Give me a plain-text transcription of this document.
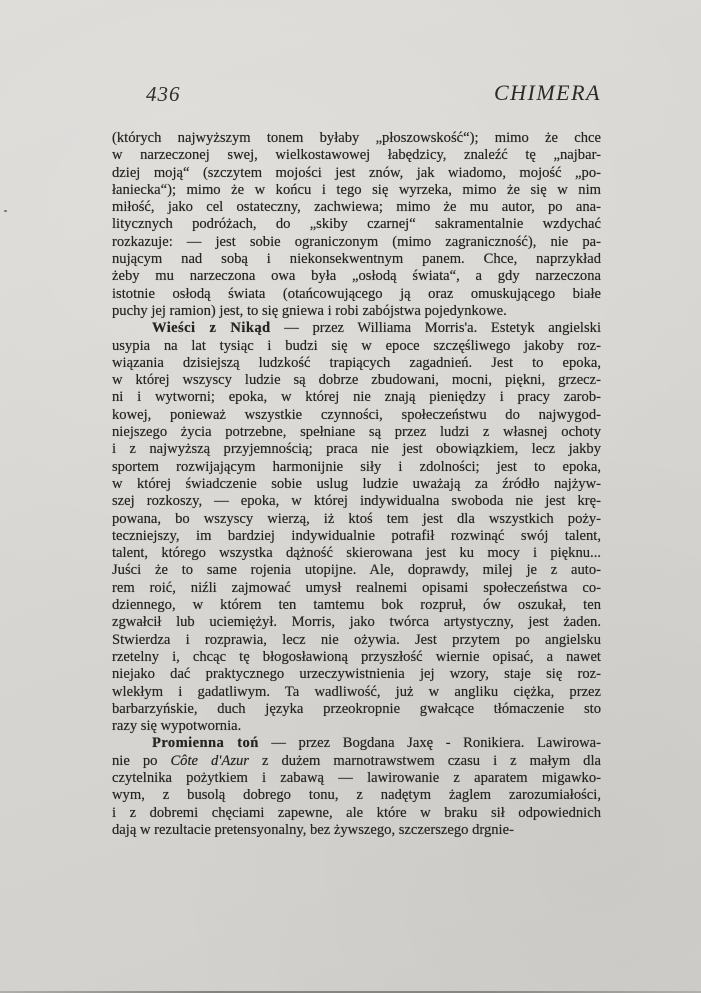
436	CHIMERA
(których najwyższym tonem byłaby „płoszowskość“); mimo że chce
w narzeczonej swej, wielkostawowej łabędzicy, znaleźć tę „najbar-
dziej moją“ (szczytem mojości jest znów, jak wiadomo, mojość „po-
łaniecka“); mimo że w końcu i tego się wyrzeka, mimo że się w nim
miłość, jako cel ostateczny, zachwiewa; mimo że mu autor, po ana-
litycznych podróżach, do „skiby czarnej“ sakramentalnie wzdychać
rozkazuje: — jest sobie ograniczonym (mimo zagraniczność), nie pa-
nującym nad sobą i niekonsekwentnym panem. Chce, naprzykład
żeby mu narzeczona owa była „osłodą świata“, a gdy narzeczona
istotnie osłodą świata (otańcowującego ją oraz omuskującego białe
puchy jej ramion) jest, to się gniewa i robi zabójstwa pojedynkowe.
Wieści z Nikąd — przez Williama Morris'a. Estetyk angielski
usypia na lat tysiąc i budzi się w epoce szczęśliwego jakoby roz-
wiązania dzisiejszą ludzkość trapiących zagadnień. Jest to epoka,
w której wszyscy ludzie są dobrze zbudowani, mocni, piękni, grzecz-
ni i wytworni; epoka, w której nie znają pieniędzy i pracy zarob-
kowej, ponieważ wszystkie czynności, społeczeństwu do najwygod-
niejszego życia potrzebne, spełniane są przez ludzi z własnej ochoty
i z najwyższą przyjemnością; praca nie jest obowiązkiem, lecz jakby
sportem rozwijającym harmonijnie siły i zdolności; jest to epoka,
w której świadczenie sobie uslug ludzie uważają za źródło najżyw-
szej rozkoszy, — epoka, w której indywidualna swoboda nie jest krę-
powana, bo wszyscy wierzą, iż ktoś tem jest dla wszystkich poży-
teczniejszy, im bardziej indywidualnie potrafił rozwinąć swój talent,
talent, którego wszystka dążność skierowana jest ku mocy i pięknu...
Juści że to same rojenia utopijne. Ale, doprawdy, milej je z auto-
rem roić, niźli zajmować umysł realnemi opisami społeczeństwa co-
dziennego, w którem ten tamtemu bok rozpruł, ów oszukał, ten
zgwałcił lub uciemiężył. Morris, jako twórca artystyczny, jest żaden.
Stwierdza i rozprawia, lecz nie ożywia. Jest przytem po angielsku
rzetelny i, chcąc tę błogosławioną przyszłość wiernie opisać, a nawet
niejako dać praktycznego urzeczywistnienia jej wzory, staje się roz-
wlekłym i gadatliwym. Ta wadliwość, już w angliku ciężka, przez
barbarzyńskie, duch języka przeokropnie gwałcące tłómaczenie sto
razy się wypotwornia.
Promienna toń — przez Bogdana Jaxę - Ronikiera. Lawirowa-
nie po Côte d'Azur z dużem marnotrawstwem czasu i z małym dla
czytelnika pożytkiem i zabawą — lawirowanie z aparatem migawko-
wym, z busolą dobrego tonu, z nadętym żaglem zarozumiałości,
i z dobremi chęciami zapewne, ale które w braku sił odpowiednich
dają w rezultacie pretensyonalny, bez żywszego, szczerszego drgnie-
